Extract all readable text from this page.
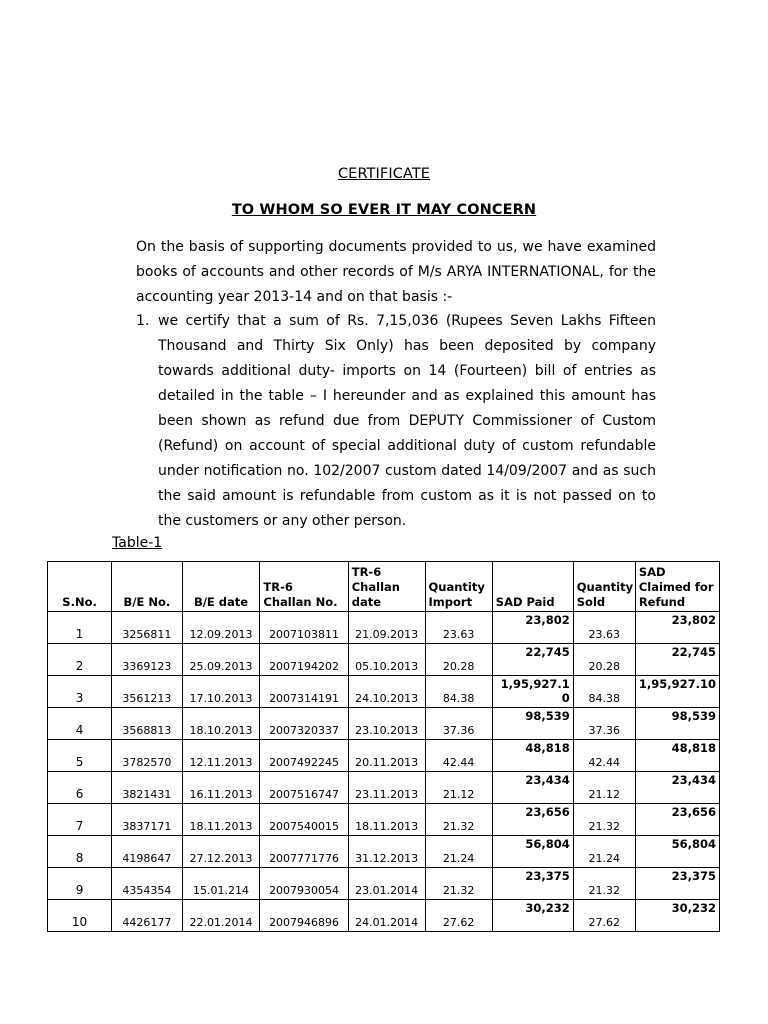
CERTIFICATE
TO WHOM SO EVER IT MAY CONCERN
On the basis of supporting documents provided to us, we have examined books of accounts and other records of M/s ARYA INTERNATIONAL, for the accounting year 2013-14 and on that basis :-
1. we certify that a sum of Rs. 7,15,036 (Rupees Seven Lakhs Fifteen Thousand and Thirty Six Only) has been deposited by company towards additional duty- imports on 14 (Fourteen) bill of entries as detailed in the table – I hereunder and as explained this amount has been shown as refund due from DEPUTY Commissioner of Custom (Refund) on account of special additional duty of custom refundable under notification no. 102/2007 custom dated 14/09/2007 and as such the said amount is refundable from custom as it is not passed on to the customers or any other person.
Table-1
S.No.	B/E No.	B/E date	TR-6 Challan No.	TR-6 Challan date	Quantity Import	SAD Paid	Quantity Sold	SAD Claimed for Refund
1	3256811	12.09.2013	2007103811	21.09.2013	23.63	23,802	23.63	23,802
2	3369123	25.09.2013	2007194202	05.10.2013	20.28	22,745	20.28	22,745
3	3561213	17.10.2013	2007314191	24.10.2013	84.38	1,95,927.10	84.38	1,95,927.10
4	3568813	18.10.2013	2007320337	23.10.2013	37.36	98,539	37.36	98,539
5	3782570	12.11.2013	2007492245	20.11.2013	42.44	48,818	42.44	48,818
6	3821431	16.11.2013	2007516747	23.11.2013	21.12	23,434	21.12	23,434
7	3837171	18.11.2013	2007540015	18.11.2013	21.32	23,656	21.32	23,656
8	4198647	27.12.2013	2007771776	31.12.2013	21.24	56,804	21.24	56,804
9	4354354	15.01.214	2007930054	23.01.2014	21.32	23,375	21.32	23,375
10	4426177	22.01.2014	2007946896	24.01.2014	27.62	30,232	27.62	30,232
